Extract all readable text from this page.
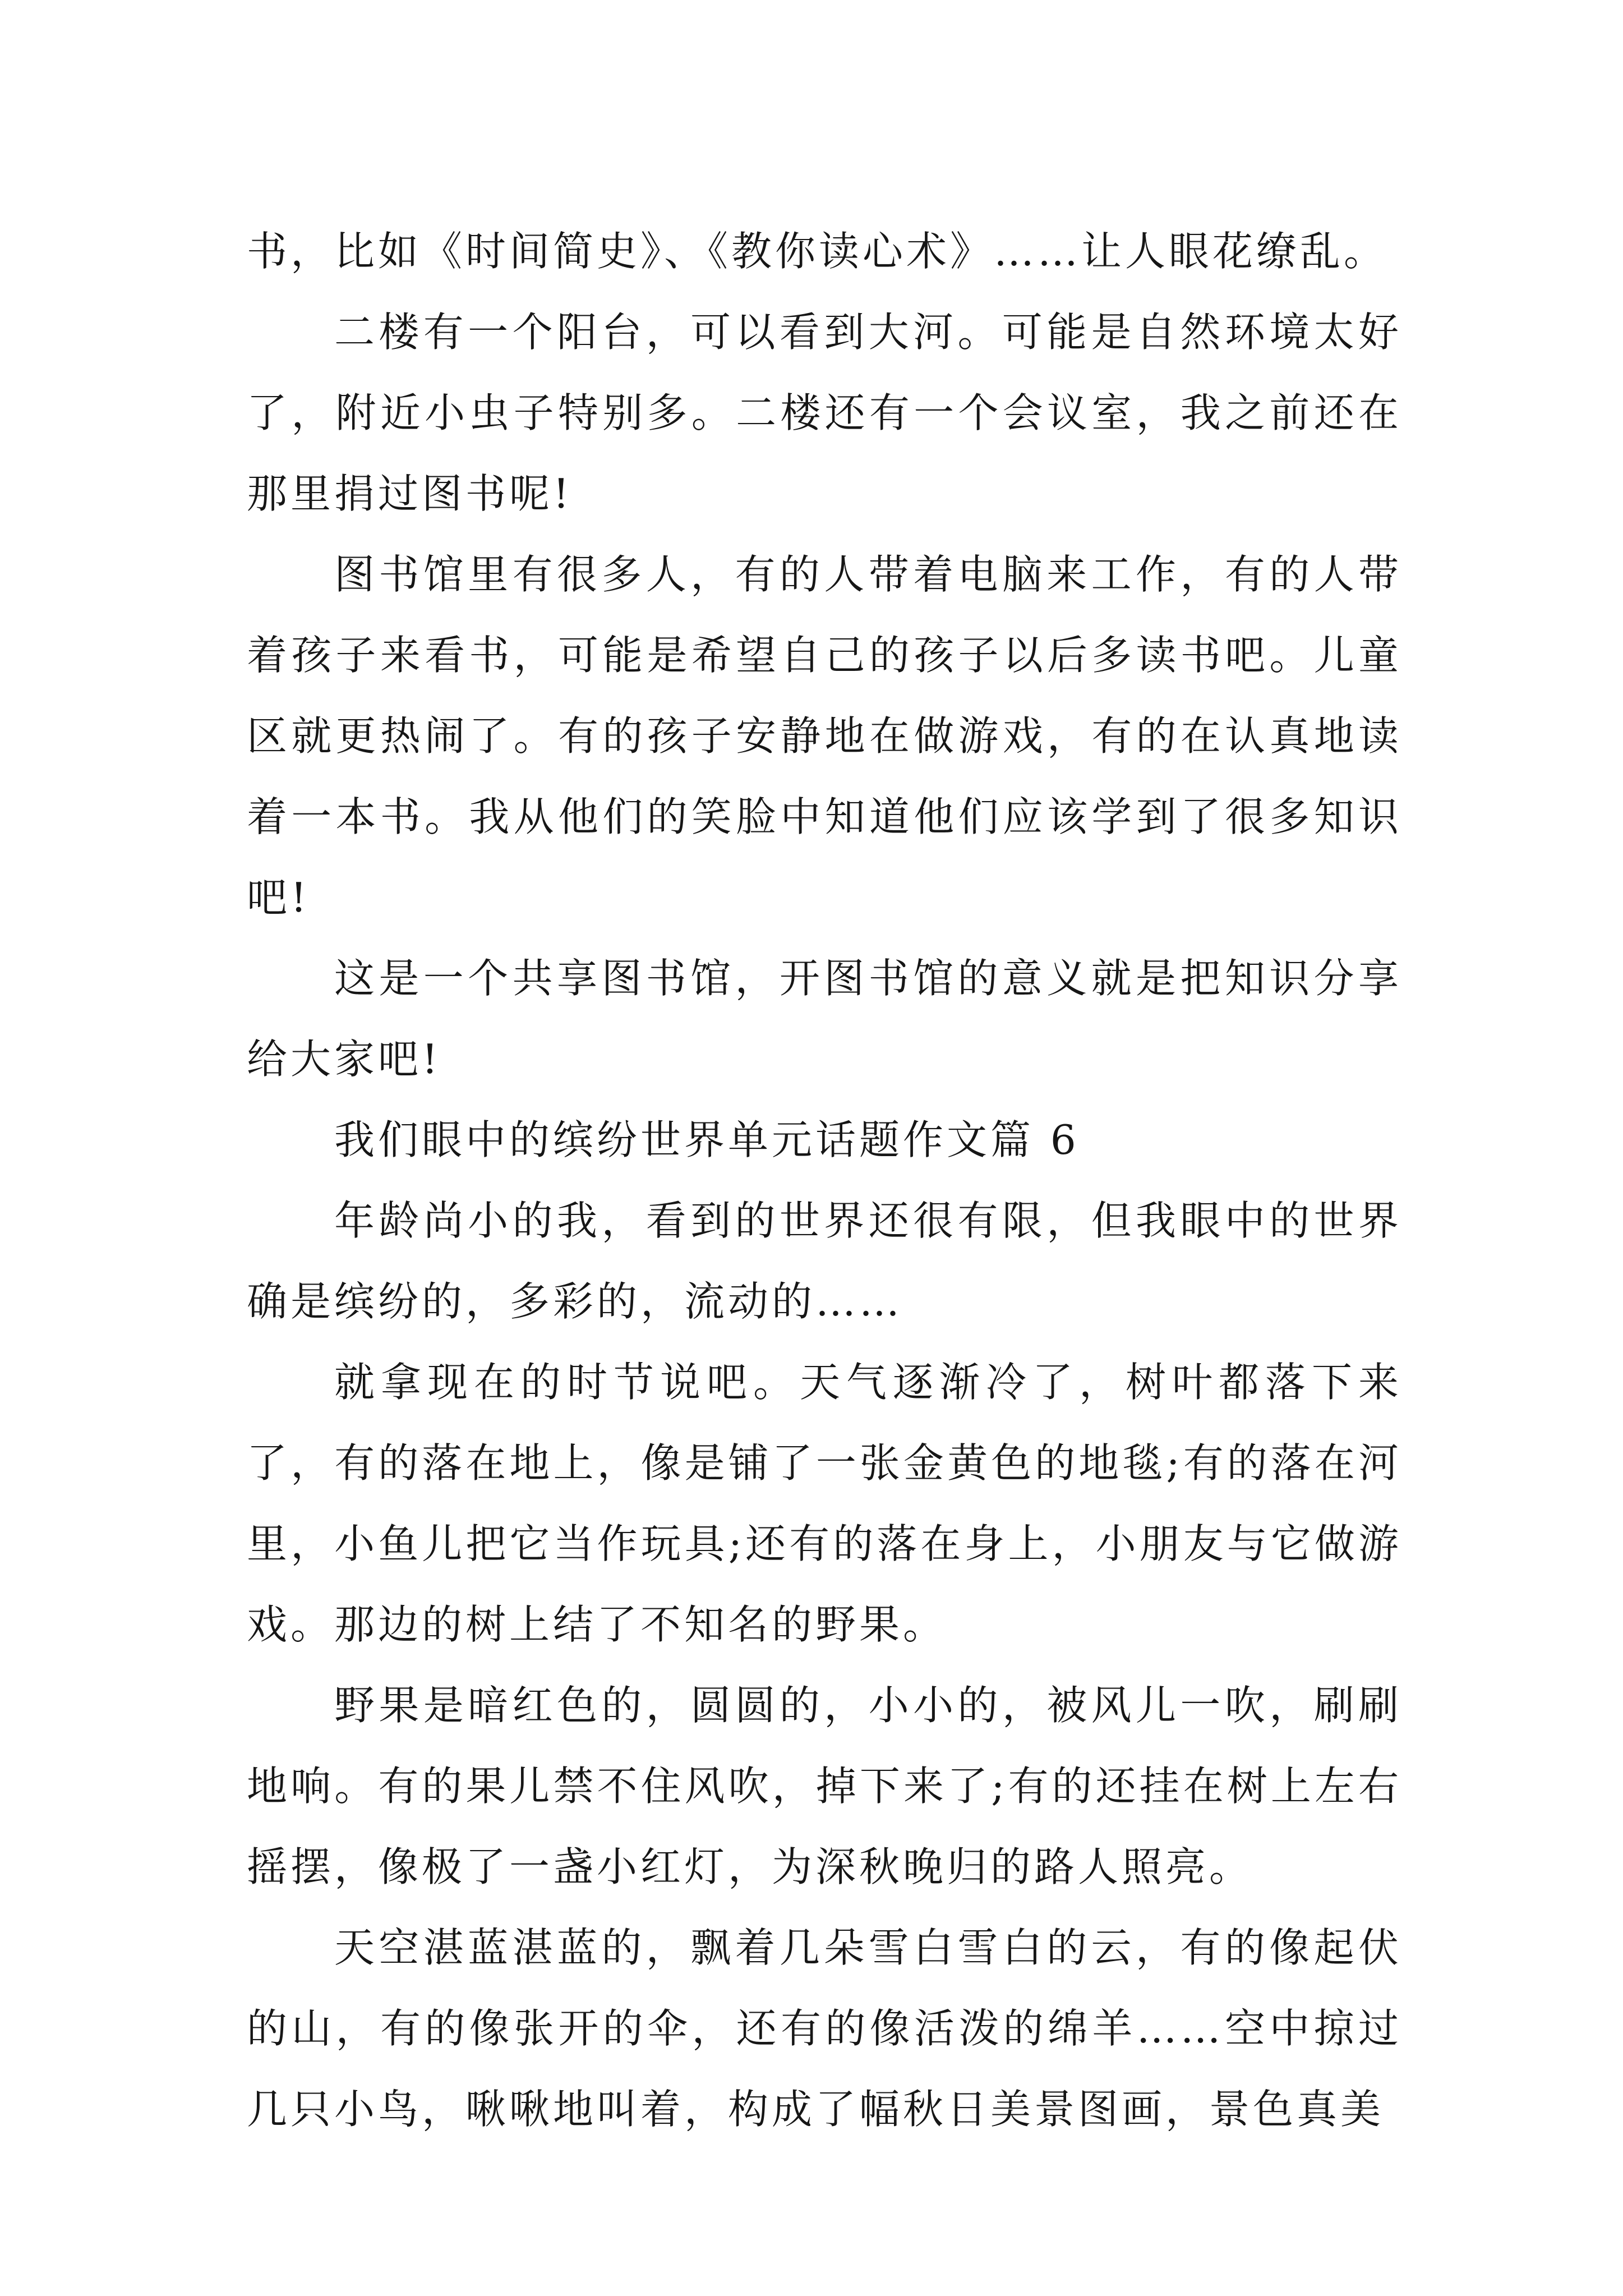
书，比如《时间简史》、《教你读心术》……让人眼花缭乱。

二楼有一个阳台，可以看到大河。可能是自然环境太好了，附近小虫子特别多。二楼还有一个会议室，我之前还在那里捐过图书呢!

图书馆里有很多人，有的人带着电脑来工作，有的人带着孩子来看书，可能是希望自己的孩子以后多读书吧。儿童区就更热闹了。有的孩子安静地在做游戏，有的在认真地读着一本书。我从他们的笑脸中知道他们应该学到了很多知识吧!

这是一个共享图书馆，开图书馆的意义就是把知识分享给大家吧!

我们眼中的缤纷世界单元话题作文篇 6

年龄尚小的我，看到的世界还很有限，但我眼中的世界确是缤纷的，多彩的，流动的……

就拿现在的时节说吧。天气逐渐冷了，树叶都落下来了，有的落在地上，像是铺了一张金黄色的地毯;有的落在河里，小鱼儿把它当作玩具;还有的落在身上，小朋友与它做游戏。那边的树上结了不知名的野果。

野果是暗红色的，圆圆的，小小的，被风儿一吹，刷刷地响。有的果儿禁不住风吹，掉下来了;有的还挂在树上左右摇摆，像极了一盏小红灯，为深秋晚归的路人照亮。

天空湛蓝湛蓝的，飘着几朵雪白雪白的云，有的像起伏的山，有的像张开的伞，还有的像活泼的绵羊……空中掠过几只小鸟，啾啾地叫着，构成了幅秋日美景图画，景色真美
